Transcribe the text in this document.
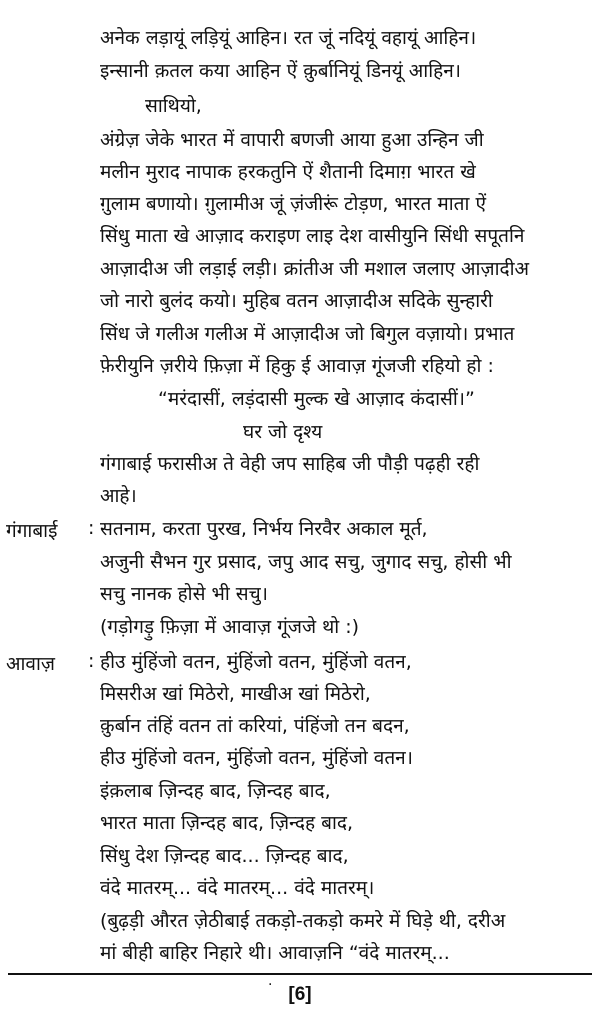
अनेक लड़ायूं लड़ियूं आहिन। रत जूं नदियूं वहायूं आहिन।
इन्सानी क़तल कया आहिन ऐं क़ुर्बानियूं डिनयूं आहिन।
साथियो,
अंग्रेज़ जेके भारत में वापारी बणजी आया हुआ उन्हिन जी
मलीन मुराद नापाक हरकतुनि ऐं शैतानी दिमाग़ भारत खे
ग़ुलाम बणायो। ग़ुलामीअ जूं ज़ंजीरूं टोड़ण, भारत माता ऐं
सिंधु माता खे आज़ाद कराइण लाइ देश वासीयुनि सिंधी सपूतनि
आज़ादीअ जी लड़ाई लड़ी। क्रांतीअ जी मशाल जलाए आज़ादीअ
जो नारो बुलंद कयो। मुहिब वतन आज़ादीअ सदिके सुन्हारी
सिंध जे गलीअ गलीअ में आज़ादीअ जो बिगुल वज़ायो। प्रभात
फ़ेरीयुनि ज़रीये फ़िज़ा में हिकु ई आवाज़ गूंजजी रहियो हो :
“मरंदासीं, लड़ंदासी मुल्क खे आज़ाद कंदासीं।”
घर जो दृश्य
गंगाबाई फरासीअ ते वेही जप साहिब जी पौड़ी पढ़ही रही
आहे।
गंगाबाई : सतनाम, करता पुरख, निर्भय निरवैर अकाल मूर्त,
अजुनी सैभन गुर प्रसाद, जपु आद सचु, जुगाद सचु, होसी भी
सचु नानक होसे भी सचु।
(गड़ोगड़ु फ़िज़ा में आवाज़ गूंजजे थो :)
आवाज़ : हीउ मुंहिंजो वतन, मुंहिंजो वतन, मुंहिंजो वतन,
मिसरीअ खां मिठेरो, माखीअ खां मिठेरो,
क़ुर्बान तंहिं वतन तां करियां, पंहिंजो तन बदन,
हीउ मुंहिंजो वतन, मुंहिंजो वतन, मुंहिंजो वतन।
इंक़लाब ज़िन्दह बाद, ज़िन्दह बाद,
भारत माता ज़िन्दह बाद, ज़िन्दह बाद,
सिंधु देश ज़िन्दह बाद... ज़िन्दह बाद,
वंदे मातरम्... वंदे मातरम्... वंदे मातरम्।
(बुढ़ड़ी औरत ज़ेठीबाई तकड़ो-तकड़ो कमरे में घिड़े थी, दरीअ
मां बीही बाहिर निहारे थी। आवाज़नि “वंदे मातरम्...
· [6]
